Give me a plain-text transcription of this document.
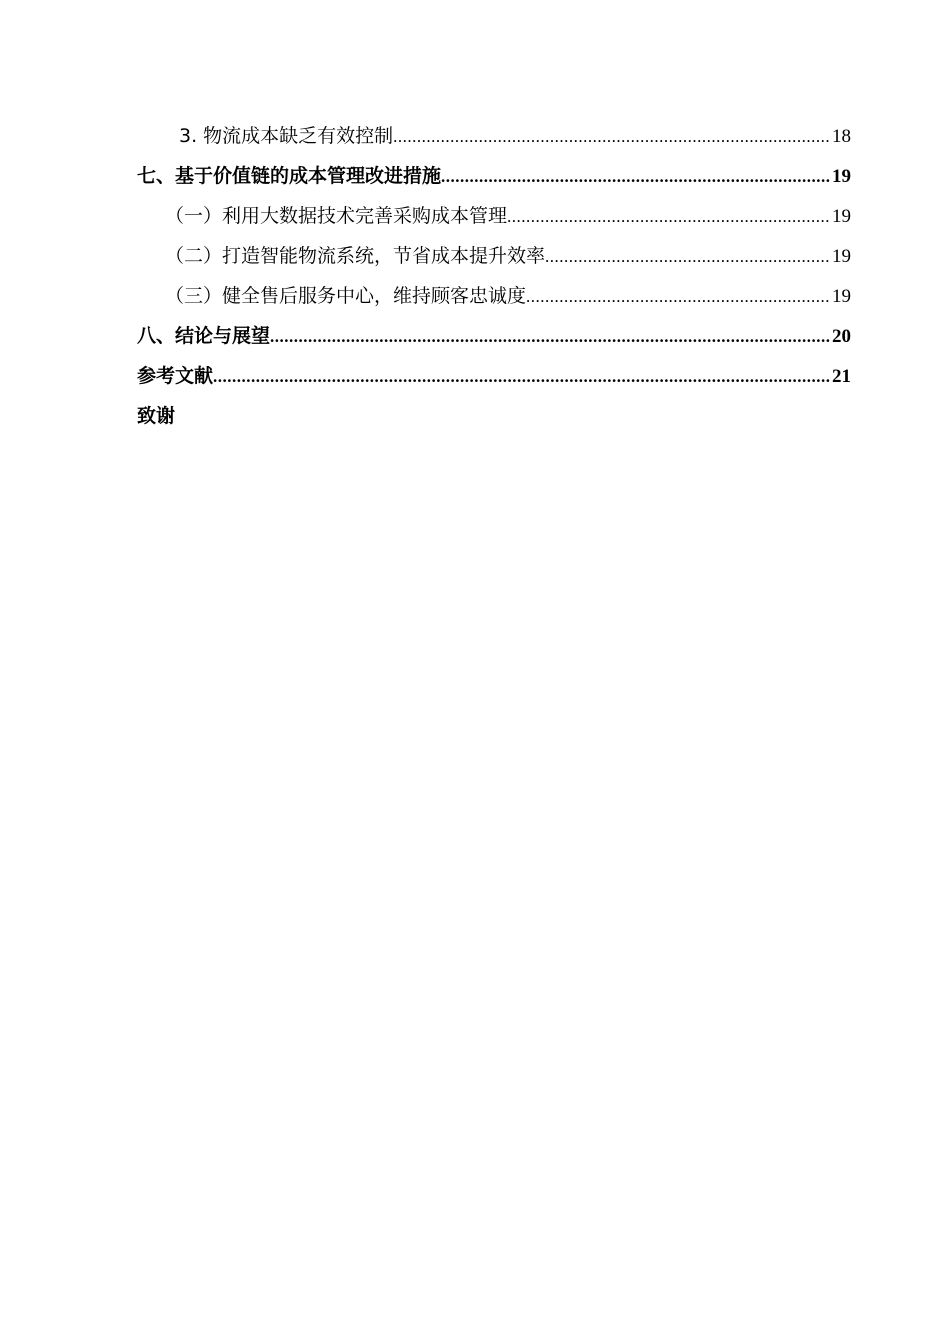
3. 物流成本缺乏有效控制 .....	18
七、基于价值链的成本管理改进措施 .....	19
（一）利用大数据技术完善采购成本管理 .....	19
（二）打造智能物流系统，节省成本提升效率 .....	19
（三）健全售后服务中心，维持顾客忠诚度 .....	19
八、结论与展望 .....	20
参考文献 .....	21
致谢
